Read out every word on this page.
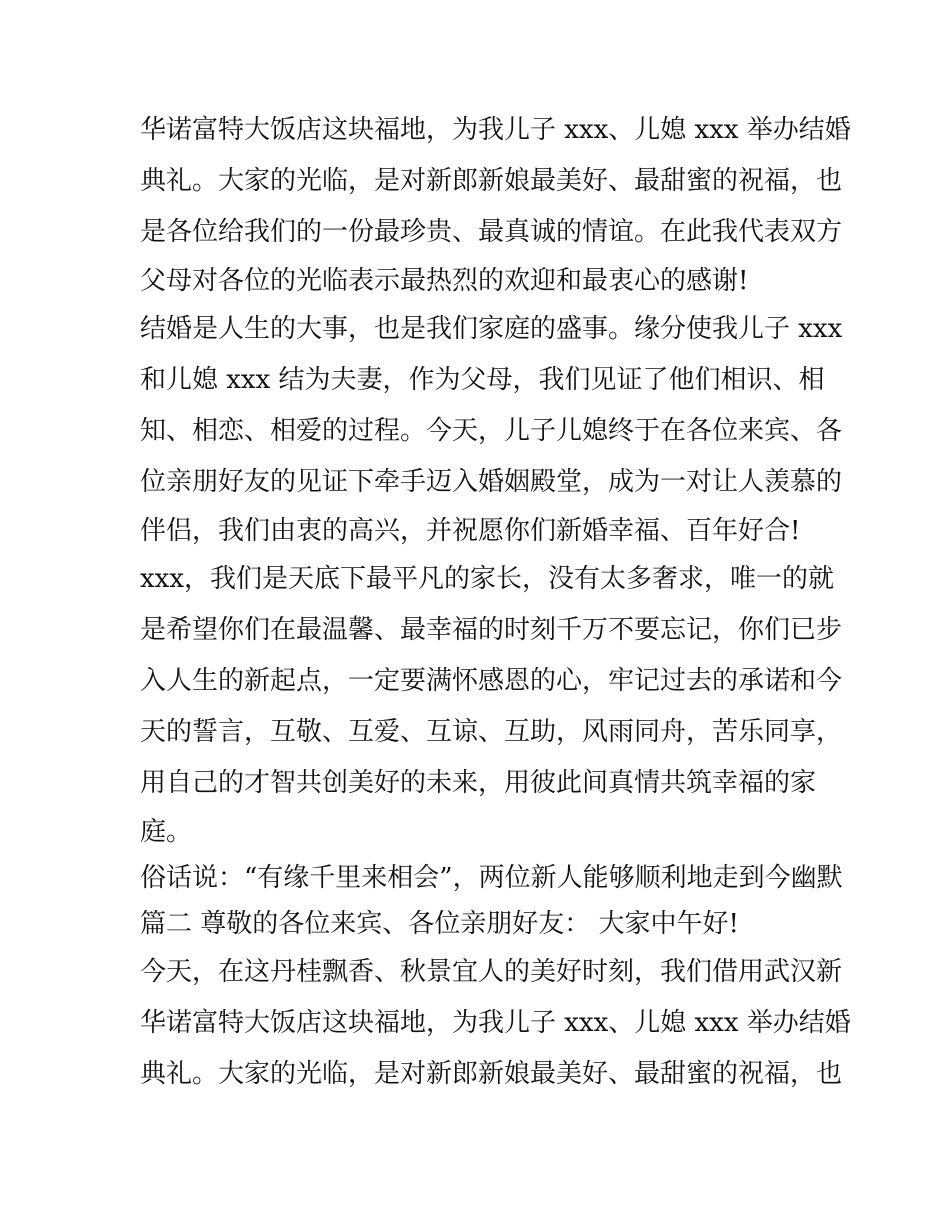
华诺富特大饭店这块福地，为我儿子 xxx、儿媳 xxx 举办结婚
典礼。大家的光临，是对新郎新娘最美好、最甜蜜的祝福，也
是各位给我们的一份最珍贵、最真诚的情谊。在此我代表双方
父母对各位的光临表示最热烈的欢迎和最衷心的感谢!
结婚是人生的大事，也是我们家庭的盛事。缘分使我儿子 xxx
和儿媳 xxx 结为夫妻，作为父母，我们见证了他们相识、相
知、相恋、相爱的过程。今天，儿子儿媳终于在各位来宾、各
位亲朋好友的见证下牵手迈入婚姻殿堂，成为一对让人羡慕的
伴侣，我们由衷的高兴，并祝愿你们新婚幸福、百年好合!
xxx，我们是天底下最平凡的家长，没有太多奢求，唯一的就
是希望你们在最温馨、最幸福的时刻千万不要忘记，你们已步
入人生的新起点，一定要满怀感恩的心，牢记过去的承诺和今
天的誓言，互敬、互爱、互谅、互助，风雨同舟，苦乐同享，
用自己的才智共创美好的未来，用彼此间真情共筑幸福的家
庭。
俗话说：“有缘千里来相会”，两位新人能够顺利地走到今幽默
篇二 尊敬的各位来宾、各位亲朋好友： 大家中午好!
今天，在这丹桂飘香、秋景宜人的美好时刻，我们借用武汉新
华诺富特大饭店这块福地，为我儿子 xxx、儿媳 xxx 举办结婚
典礼。大家的光临，是对新郎新娘最美好、最甜蜜的祝福，也
